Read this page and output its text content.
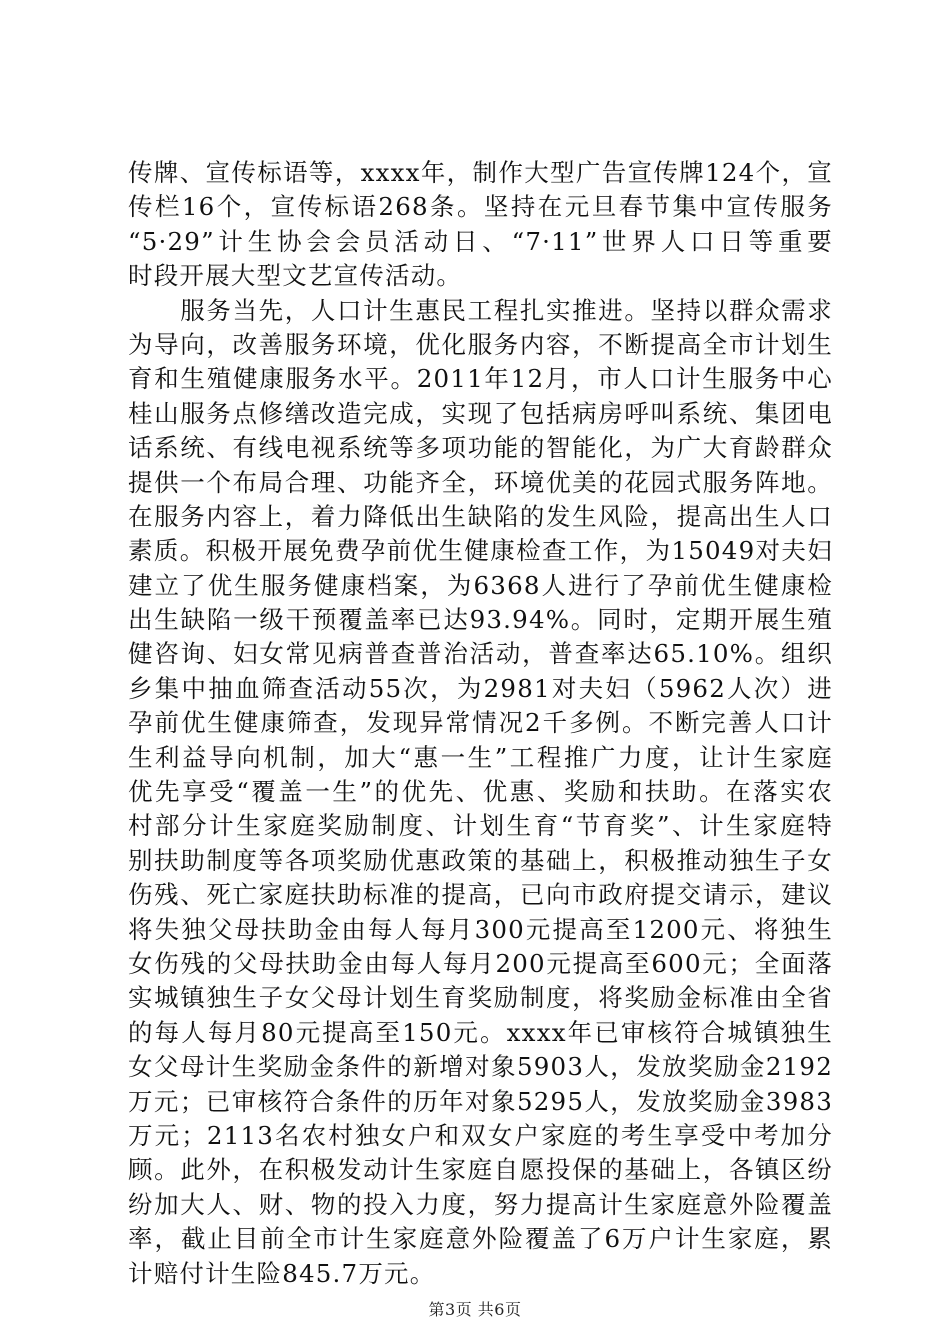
传牌、宣传标语等，xxxx年，制作大型广告宣传牌124个，宣
传栏16个，宣传标语268条。坚持在元旦春节集中宣传服务
“5·29”计生协会会员活动日、“7·11”世界人口日等重要
时段开展大型文艺宣传活动。
　　服务当先，人口计生惠民工程扎实推进。坚持以群众需求
为导向，改善服务环境，优化服务内容，不断提高全市计划生
育和生殖健康服务水平。2011年12月，市人口计生服务中心
桂山服务点修缮改造完成，实现了包括病房呼叫系统、集团电
话系统、有线电视系统等多项功能的智能化，为广大育龄群众
提供一个布局合理、功能齐全，环境优美的花园式服务阵地。
在服务内容上，着力降低出生缺陷的发生风险，提高出生人口
素质。积极开展免费孕前优生健康检查工作，为15049对夫妇
建立了优生服务健康档案，为6368人进行了孕前优生健康检
出生缺陷一级干预覆盖率已达93.94%。同时，定期开展生殖
健咨询、妇女常见病普查普治活动，普查率达65.10%。组织
乡集中抽血筛查活动55次，为2981对夫妇（5962人次）进
孕前优生健康筛查，发现异常情况2千多例。不断完善人口计
生利益导向机制，加大“惠一生”工程推广力度，让计生家庭
优先享受“覆盖一生”的优先、优惠、奖励和扶助。在落实农
村部分计生家庭奖励制度、计划生育“节育奖”、计生家庭特
别扶助制度等各项奖励优惠政策的基础上，积极推动独生子女
伤残、死亡家庭扶助标准的提高，已向市政府提交请示，建议
将失独父母扶助金由每人每月300元提高至1200元、将独生
女伤残的父母扶助金由每人每月200元提高至600元；全面落
实城镇独生子女父母计划生育奖励制度，将奖励金标准由全省
的每人每月80元提高至150元。xxxx年已审核符合城镇独生
女父母计生奖励金条件的新增对象5903人，发放奖励金2192
万元；已审核符合条件的历年对象5295人，发放奖励金3983
万元；2113名农村独女户和双女户家庭的考生享受中考加分
顾。此外，在积极发动计生家庭自愿投保的基础上，各镇区纷
纷加大人、财、物的投入力度，努力提高计生家庭意外险覆盖
率，截止目前全市计生家庭意外险覆盖了6万户计生家庭，累
计赔付计生险845.7万元。
第3页 共6页
